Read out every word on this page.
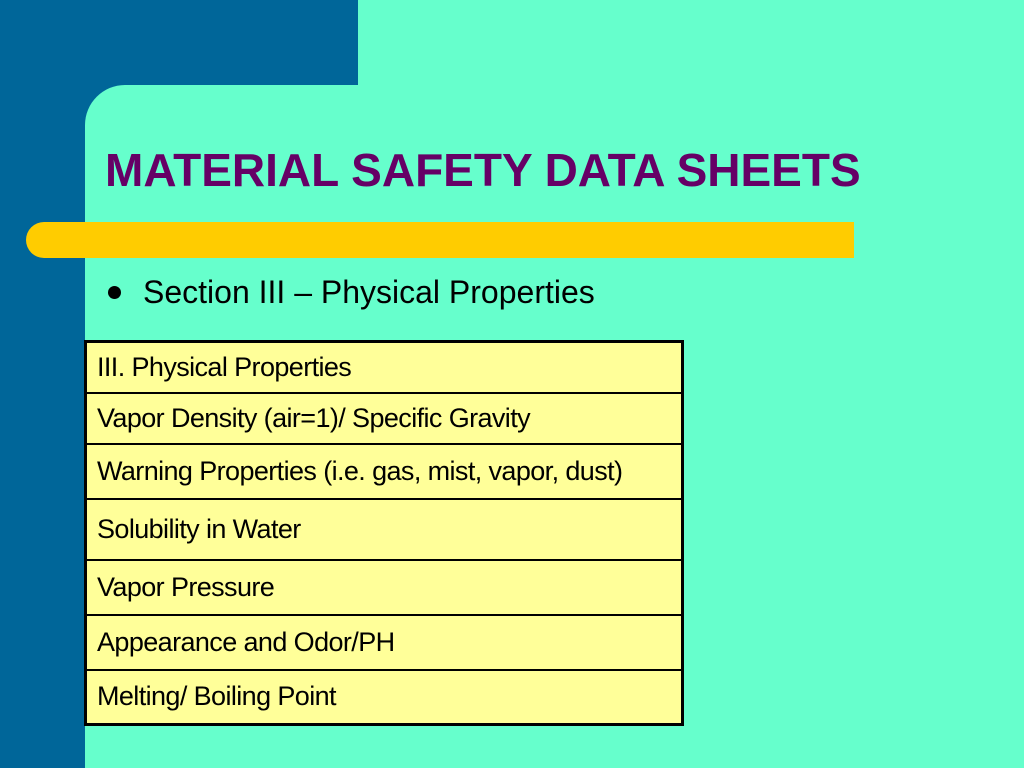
MATERIAL SAFETY DATA SHEETS
Section III – Physical Properties
III. Physical Properties
Vapor Density (air=1)/ Specific Gravity
Warning Properties (i.e. gas, mist, vapor, dust)
Solubility in Water
Vapor Pressure
Appearance and Odor/PH
Melting/ Boiling Point
